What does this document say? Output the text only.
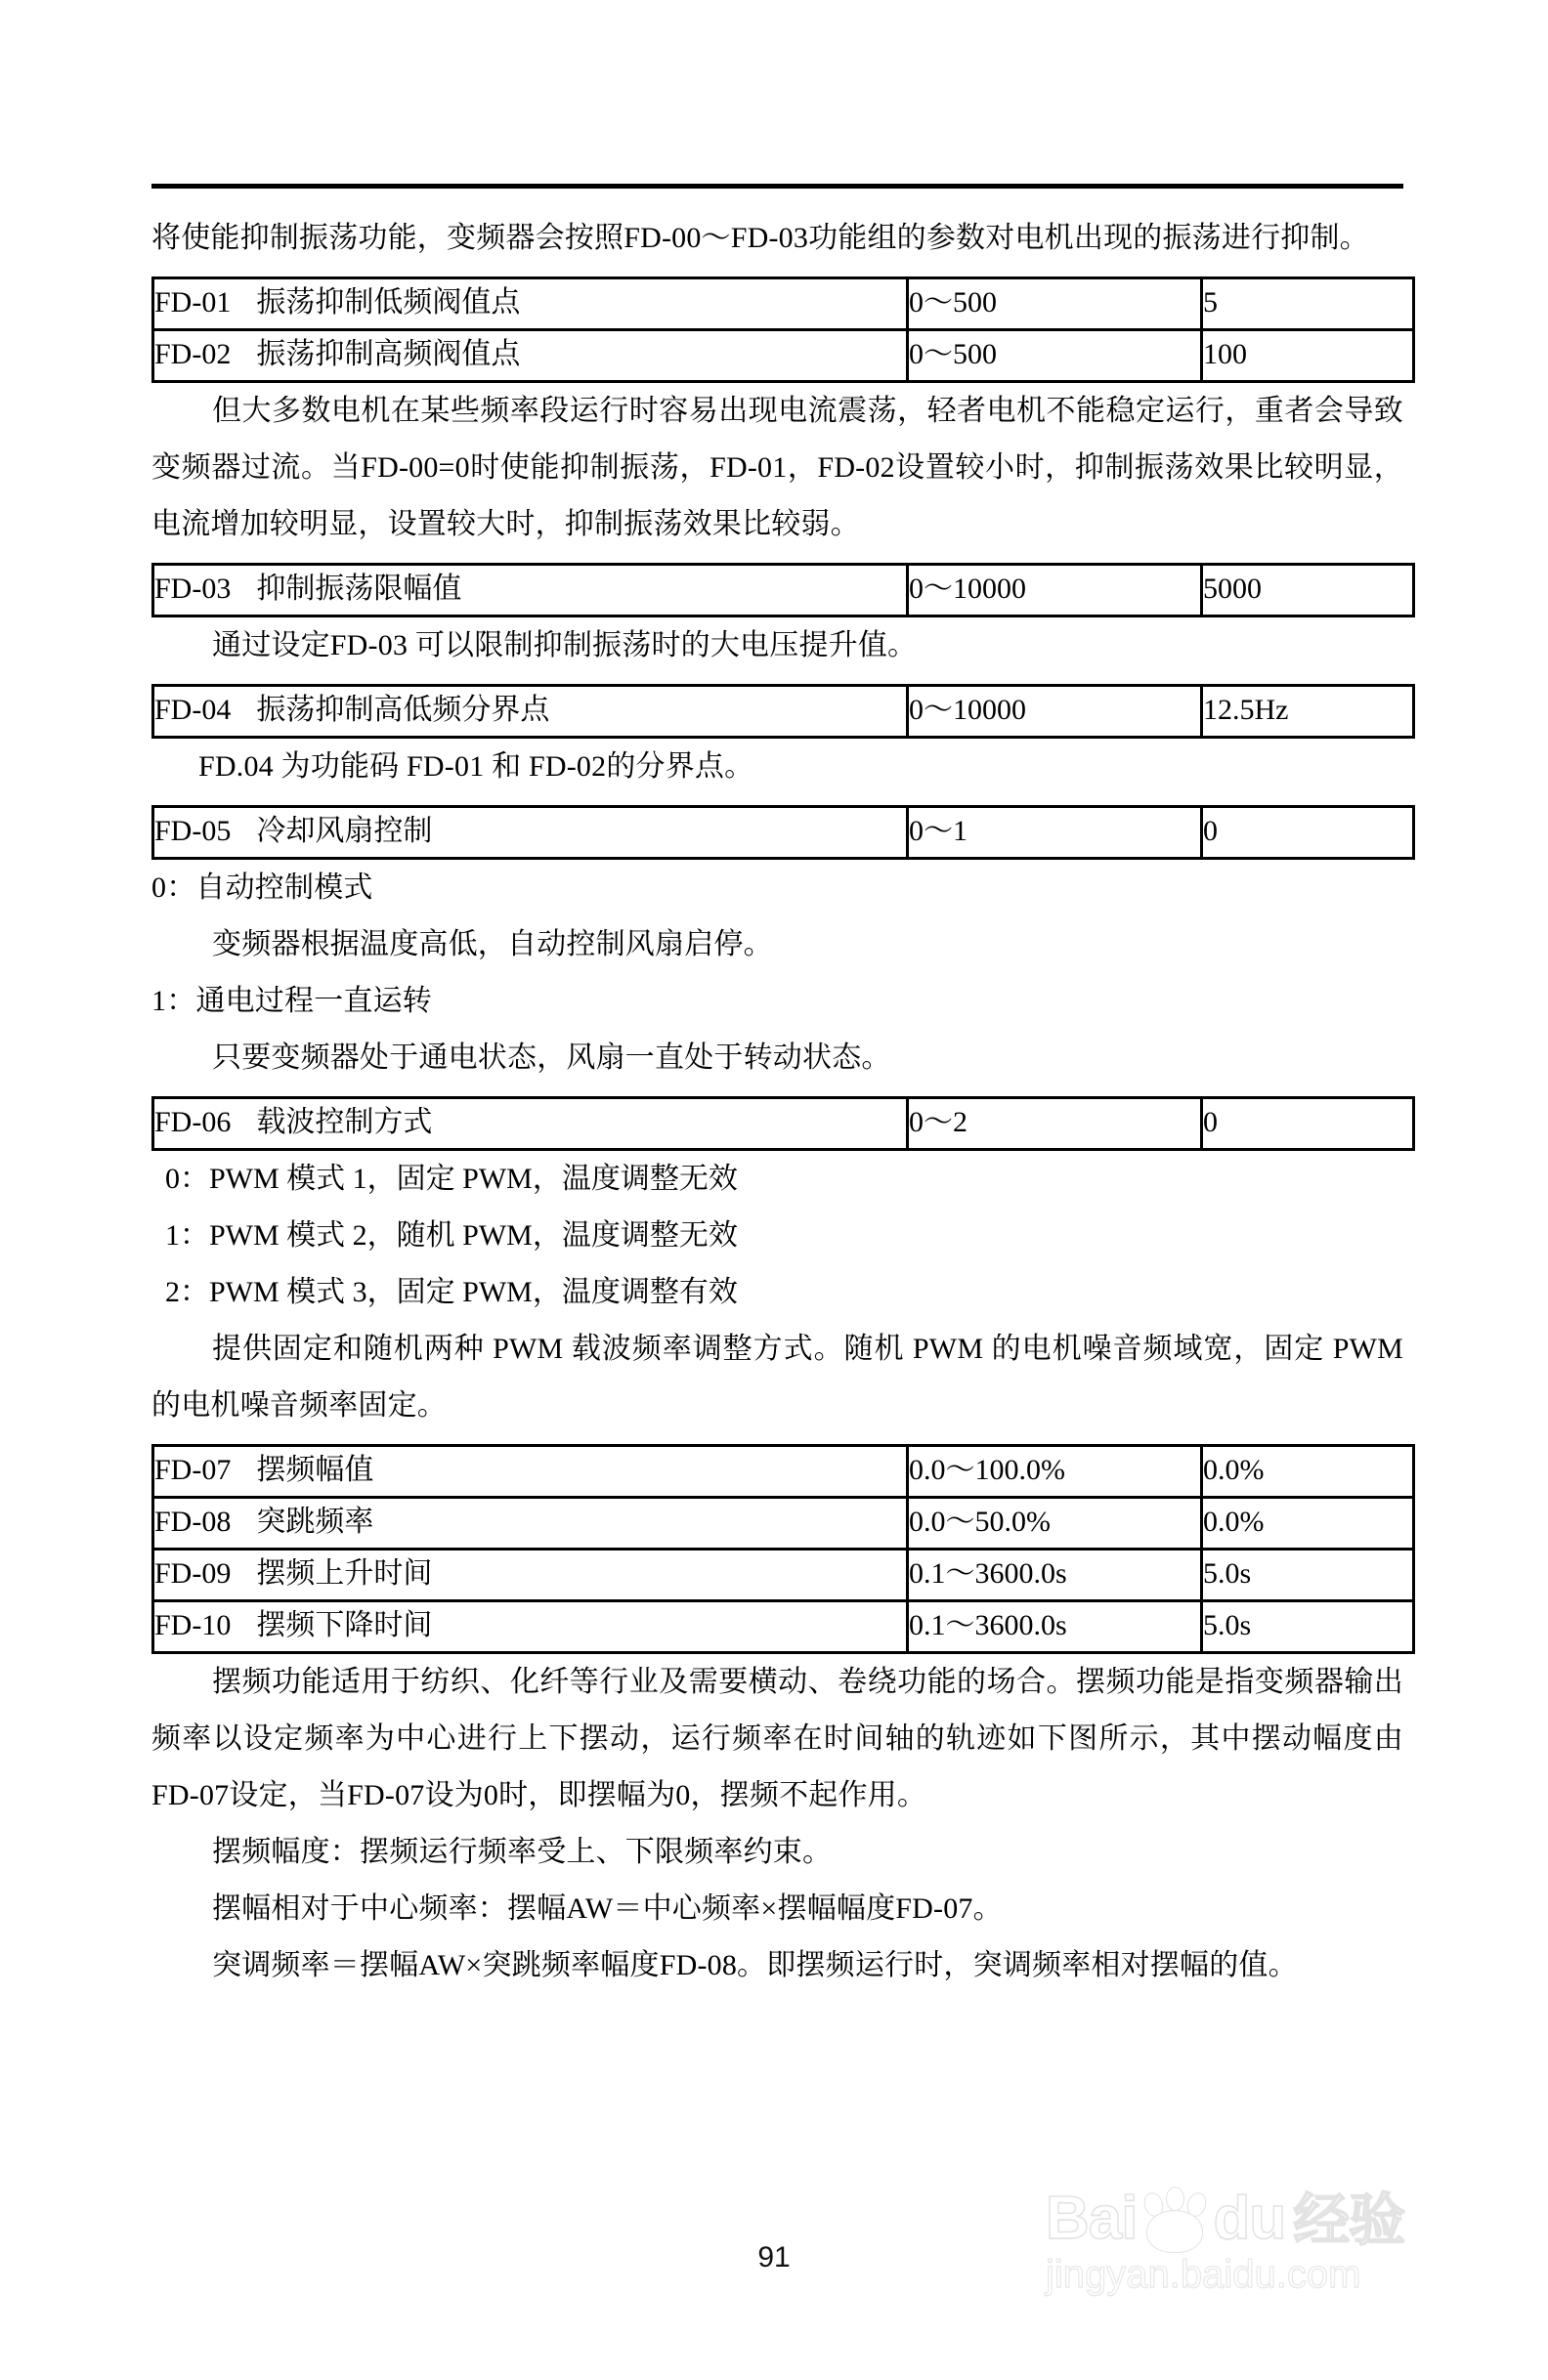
将使能抑制振荡功能，变频器会按照FD-00～FD-03功能组的参数对电机出现的振荡进行抑制。

FD-01 振荡抑制低频阀值点	0～500	5
FD-02 振荡抑制高频阀值点	0～500	100

但大多数电机在某些频率段运行时容易出现电流震荡，轻者电机不能稳定运行，重者会导致变频器过流。当FD-00=0时使能抑制振荡，FD-01，FD-02设置较小时，抑制振荡效果比较明显，电流增加较明显，设置较大时，抑制振荡效果比较弱。

FD-03 抑制振荡限幅值	0～10000	5000

通过设定FD-03 可以限制抑制振荡时的大电压提升值。

FD-04 振荡抑制高低频分界点	0～10000	12.5Hz

FD.04 为功能码 FD-01 和 FD-02的分界点。

FD-05 冷却风扇控制	0～1	0

0：自动控制模式

变频器根据温度高低，自动控制风扇启停。

1：通电过程一直运转

只要变频器处于通电状态，风扇一直处于转动状态。

FD-06 载波控制方式	0～2	0

0：PWM 模式 1，固定 PWM，温度调整无效

1：PWM 模式 2，随机 PWM，温度调整无效

2：PWM 模式 3，固定 PWM，温度调整有效

提供固定和随机两种 PWM 载波频率调整方式。随机 PWM 的电机噪音频域宽，固定 PWM 的电机噪音频率固定。

FD-07 摆频幅值	0.0～100.0%	0.0%
FD-08 突跳频率	0.0～50.0%	0.0%
FD-09 摆频上升时间	0.1～3600.0s	5.0s
FD-10 摆频下降时间	0.1～3600.0s	5.0s

摆频功能适用于纺织、化纤等行业及需要横动、卷绕功能的场合。摆频功能是指变频器输出频率以设定频率为中心进行上下摆动，运行频率在时间轴的轨迹如下图所示，其中摆动幅度由FD-07设定，当FD-07设为0时，即摆幅为0，摆频不起作用。

摆频幅度：摆频运行频率受上、下限频率约束。

摆幅相对于中心频率：摆幅AW＝中心频率×摆幅幅度FD-07。

突调频率＝摆幅AW×突跳频率幅度FD-08。即摆频运行时，突调频率相对摆幅的值。

91
Bai du 经验
jingyan.baidu.com
